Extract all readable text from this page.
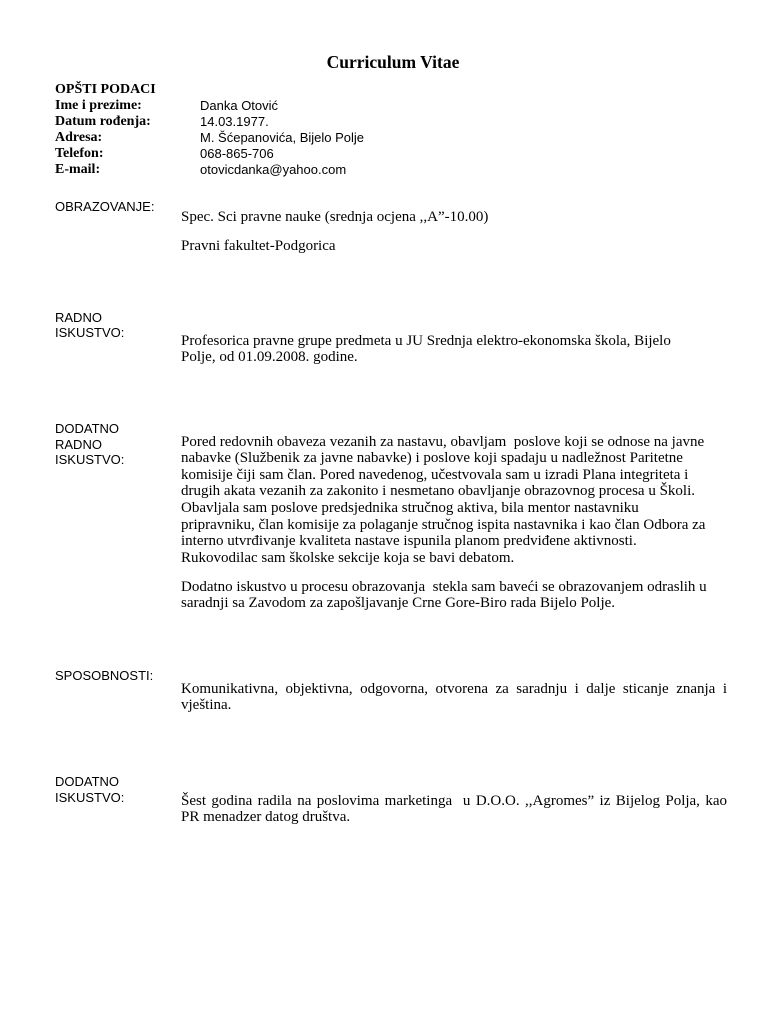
Curriculum Vitae
OPŠTI PODACI
Ime i prezime:	Danka Otović
Datum rođenja:	14.03.1977.
Adresa:	M. Šćepanovića, Bijelo Polje
Telefon:	068-865-706
E-mail:	otovicdanka@yahoo.com
OBRAZOVANJE:
Spec. Sci pravne nauke (srednja ocjena ,,A”-10.00)
Pravni fakultet-Podgorica
RADNO
ISKUSTVO:
Profesorica pravne grupe predmeta u JU Srednja elektro-ekonomska škola, Bijelo
Polje, od 01.09.2008. godine.
DODATNO
RADNO
ISKUSTVO:
Pored redovnih obaveza vezanih za nastavu, obavljam  poslove koji se odnose na javne
nabavke (Službenik za javne nabavke) i poslove koji spadaju u nadležnost Paritetne
komisije čiji sam član. Pored navedenog, učestvovala sam u izradi Plana integriteta i
drugih akata vezanih za zakonito i nesmetano obavljanje obrazovnog procesa u Školi.
Obavljala sam poslove predsjednika stručnog aktiva, bila mentor nastavniku
pripravniku, član komisije za polaganje stručnog ispita nastavnika i kao član Odbora za
interno utvrđivanje kvaliteta nastave ispunila planom predviđene aktivnosti.
Rukovodilac sam školske sekcije koja se bavi debatom.
Dodatno iskustvo u procesu obrazovanja  stekla sam baveći se obrazovanjem odraslih u
saradnji sa Zavodom za zapošljavanje Crne Gore-Biro rada Bijelo Polje.
SPOSOBNOSTI:
Komunikativna, objektivna, odgovorna, otvorena za saradnju i dalje sticanje znanja i
vještina.
DODATNO
ISKUSTVO:	Šest godina radila na poslovima marketinga  u D.O.O. ,,Agromes” iz Bijelog Polja, kao
PR menadzer datog društva.
